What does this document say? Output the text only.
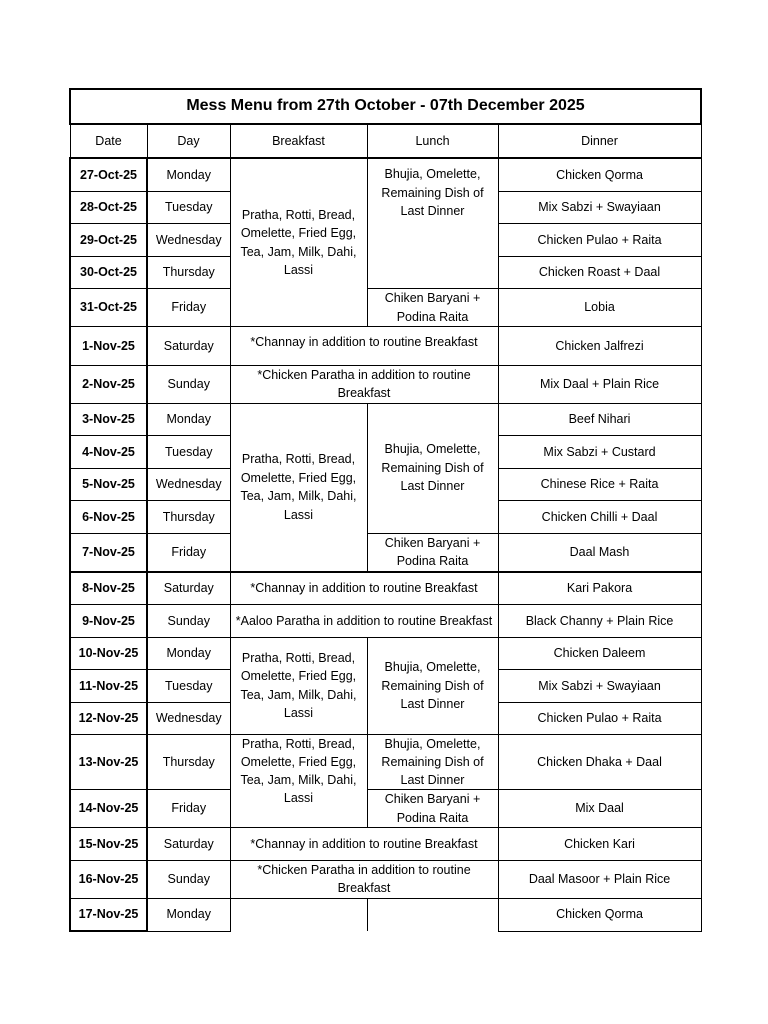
Mess Menu from 27th October - 07th December 2025				
Date	Day	Breakfast	Lunch	Dinner
27-Oct-25	Monday	Pratha, Rotti, Bread, Omelette, Fried Egg, Tea, Jam, Milk, Dahi, Lassi	Bhujia, Omelette, Remaining Dish of Last Dinner	Chicken Qorma
28-Oct-25	Tuesday			Mix Sabzi + Swayiaan
29-Oct-25	Wednesday			Chicken Pulao + Raita
30-Oct-25	Thursday			Chicken Roast + Daal
31-Oct-25	Friday		Chiken Baryani + Podina Raita	Lobia
1-Nov-25	Saturday	*Channay in addition to routine Breakfast		Chicken Jalfrezi
2-Nov-25	Sunday	*Chicken Paratha in addition to routine Breakfast		Mix Daal + Plain Rice
3-Nov-25	Monday	Pratha, Rotti, Bread, Omelette, Fried Egg, Tea, Jam, Milk, Dahi, Lassi	Bhujia, Omelette, Remaining Dish of Last Dinner	Beef Nihari
4-Nov-25	Tuesday			Mix Sabzi + Custard
5-Nov-25	Wednesday			Chinese Rice + Raita
6-Nov-25	Thursday			Chicken Chilli + Daal
7-Nov-25	Friday		Chiken Baryani + Podina Raita	Daal Mash
8-Nov-25	Saturday	*Channay in addition to routine Breakfast		Kari Pakora
9-Nov-25	Sunday	*Aaloo Paratha in addition to routine Breakfast		Black Channy + Plain Rice
10-Nov-25	Monday	Pratha, Rotti, Bread, Omelette, Fried Egg, Tea, Jam, Milk, Dahi, Lassi	Bhujia, Omelette, Remaining Dish of Last Dinner	Chicken Daleem
11-Nov-25	Tuesday			Mix Sabzi + Swayiaan
12-Nov-25	Wednesday			Chicken Pulao + Raita
13-Nov-25	Thursday	Pratha, Rotti, Bread, Omelette, Fried Egg, Tea, Jam, Milk, Dahi, Lassi	Bhujia, Omelette, Remaining Dish of Last Dinner	Chicken Dhaka + Daal
14-Nov-25	Friday		Chiken Baryani + Podina Raita	Mix Daal
15-Nov-25	Saturday	*Channay in addition to routine Breakfast		Chicken Kari
16-Nov-25	Sunday	*Chicken Paratha in addition to routine Breakfast		Daal Masoor + Plain Rice
17-Nov-25	Monday			Chicken Qorma
